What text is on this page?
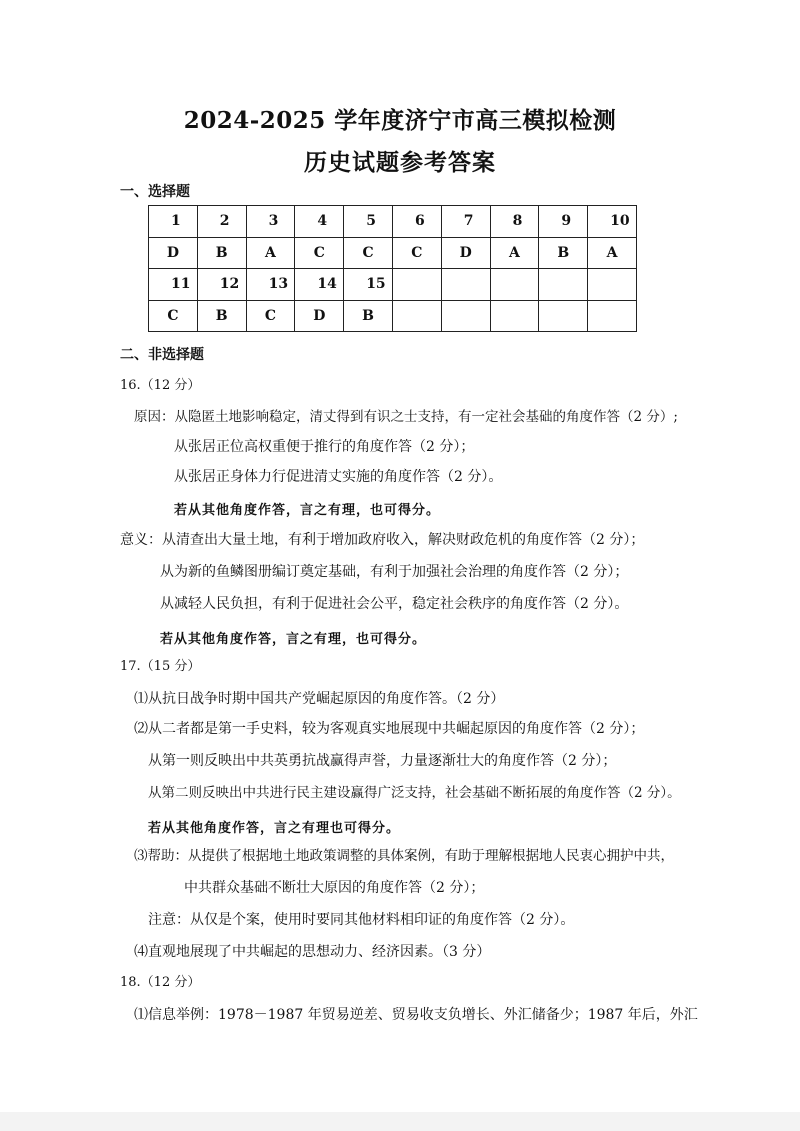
2024-2025 学年度济宁市高三模拟检测
历史试题参考答案
一、选择题
1	2	3	4	5	6	7	8	9	10
D	B	A	C	C	C	D	A	B	A
11	12	13	14	15					
C	B	C	D	B					
二、非选择题
16.（12 分）
原因：从隐匿土地影响稳定，清丈得到有识之士支持，有一定社会基础的角度作答（2 分）;
从张居正位高权重便于推行的角度作答（2 分）；
从张居正身体力行促进清丈实施的角度作答（2 分）。
若从其他角度作答，言之有理，也可得分。
意义：从清查出大量土地，有利于增加政府收入，解决财政危机的角度作答（2 分）；
从为新的鱼鳞图册编订奠定基础，有利于加强社会治理的角度作答（2 分）；
从减轻人民负担，有利于促进社会公平，稳定社会秩序的角度作答（2 分）。
若从其他角度作答，言之有理，也可得分。
17.（15 分）
⑴从抗日战争时期中国共产党崛起原因的角度作答。（2 分）
⑵从二者都是第一手史料，较为客观真实地展现中共崛起原因的角度作答（2 分）；
从第一则反映出中共英勇抗战赢得声誉，力量逐渐壮大的角度作答（2 分）；
从第二则反映出中共进行民主建设赢得广泛支持，社会基础不断拓展的角度作答（2 分）。
若从其他角度作答，言之有理也可得分。
⑶帮助：从提供了根据地土地政策调整的具体案例，有助于理解根据地人民衷心拥护中共，
中共群众基础不断壮大原因的角度作答（2 分）；
注意：从仅是个案，使用时要同其他材料相印证的角度作答（2 分）。
⑷直观地展现了中共崛起的思想动力、经济因素。（3 分）
18.（12 分）
⑴信息举例：1978－1987 年贸易逆差、贸易收支负增长、外汇储备少；1987 年后，外汇
